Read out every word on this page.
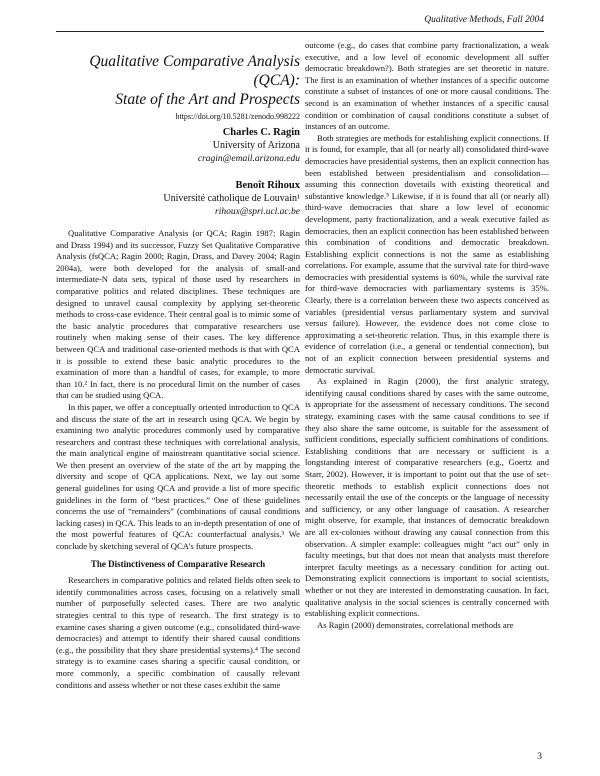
Qualitative Methods, Fall 2004
Qualitative Comparative Analysis (QCA):
State of the Art and Prospects
https://doi.org/10.5281/zenodo.998222
Charles C. Ragin
University of Arizona
cragin@email.arizona.edu
Benoît Rihoux
Université catholique de Louvain¹
rihoux@spri.ucl.ac.be

Qualitative Comparative Analysis (or QCA; Ragin 1987; Ragin and Drass 1994) and its successor, Fuzzy Set Qualitative Comparative Analysis (fsQCA; Ragin 2000; Ragin, Drass, and Davey 2004; Ragin 2004a), were both developed for the analysis of small-and intermediate-N data sets, typical of those used by researchers in comparative politics and related disciplines. These techniques are designed to unravel causal complexity by applying set-theoretic methods to cross-case evidence. Their central goal is to mimic some of the basic analytic procedures that comparative researchers use routinely when making sense of their cases. The key difference between QCA and traditional case-oriented methods is that with QCA it is possible to extend these basic analytic procedures to the examination of more than a handful of cases, for example, to more than 10.² In fact, there is no procedural limit on the number of cases that can be studied using QCA.

In this paper, we offer a conceptually oriented introduction to QCA and discuss the state of the art in research using QCA. We begin by examining two analytic procedures commonly used by comparative researchers and contrast these techniques with correlational analysis, the main analytical engine of mainstream quantitative social science. We then present an overview of the state of the art by mapping the diversity and scope of QCA applications. Next, we lay out some general guidelines for using QCA and provide a list of more specific guidelines in the form of “best practices.” One of these guidelines concerns the use of “remainders” (combinations of causal conditions lacking cases) in QCA. This leads to an in-depth presentation of one of the most powerful features of QCA: counterfactual analysis.³ We conclude by sketching several of QCA’s future prospects.

The Distinctiveness of Comparative Research

Researchers in comparative politics and related fields often seek to identify commonalities across cases, focusing on a relatively small number of purposefully selected cases. There are two analytic strategies central to this type of research. The first strategy is to examine cases sharing a given outcome (e.g., consolidated third-wave democracies) and attempt to identify their shared causal conditions (e.g., the possibility that they share presidential systems).⁴ The second strategy is to examine cases sharing a specific causal condition, or more commonly, a specific combination of causally relevant conditions and assess whether or not these cases exhibit the same

outcome (e.g., do cases that combine party fractionalization, a weak executive, and a low level of economic development all suffer democratic breakdown?). Both strategies are set theoretic in nature. The first is an examination of whether instances of a specific outcome constitute a subset of instances of one or more causal conditions. The second is an examination of whether instances of a specific causal condition or combination of causal conditions constitute a subset of instances of an outcome.

Both strategies are methods for establishing explicit connections. If it is found, for example, that all (or nearly all) consolidated third-wave democracies have presidential systems, then an explicit connection has been established between presidentialism and consolidation—assuming this connection dovetails with existing theoretical and substantive knowledge.⁵ Likewise, if it is found that all (or nearly all) third-wave democracies that share a low level of economic development, party fractionalization, and a weak executive failed as democracies, then an explicit connection has been established between this combination of conditions and democratic breakdown. Establishing explicit connections is not the same as establishing correlations. For example, assume that the survival rate for third-wave democracies with presidential systems is 60%, while the survival rate for third-wave democracies with parliamentary systems is 35%. Clearly, there is a correlation between these two aspects conceived as variables (presidential versus parliamentary system and survival versus failure). However, the evidence does not come close to approximating a set-theoretic relation. Thus, in this example there is evidence of correlation (i.e., a general or tendential connection), but not of an explicit connection between presidential systems and democratic survival.

As explained in Ragin (2000), the first analytic strategy, identifying causal conditions shared by cases with the same outcome, is appropriate for the assessment of necessary conditions. The second strategy, examining cases with the same causal conditions to see if they also share the same outcome, is suitable for the assessment of sufficient conditions, especially sufficient combinations of conditions. Establishing conditions that are necessary or sufficient is a longstanding interest of comparative researchers (e.g., Goertz and Starr, 2002). However, it is important to point out that the use of set-theoretic methods to establish explicit connections does not necessarily entail the use of the concepts or the language of necessity and sufficiency, or any other language of causation. A researcher might observe, for example, that instances of democratic breakdown are all ex-colonies without drawing any causal connection from this observation. A simpler example: colleagues might “act out” only in faculty meetings, but that does not mean that analysts must therefore interpret faculty meetings as a necessary condition for acting out. Demonstrating explicit connections is important to social scientists, whether or not they are interested in demonstrating causation. In fact, qualitative analysis in the social sciences is centrally concerned with establishing explicit connections.

As Ragin (2000) demonstrates, correlational methods are

3
